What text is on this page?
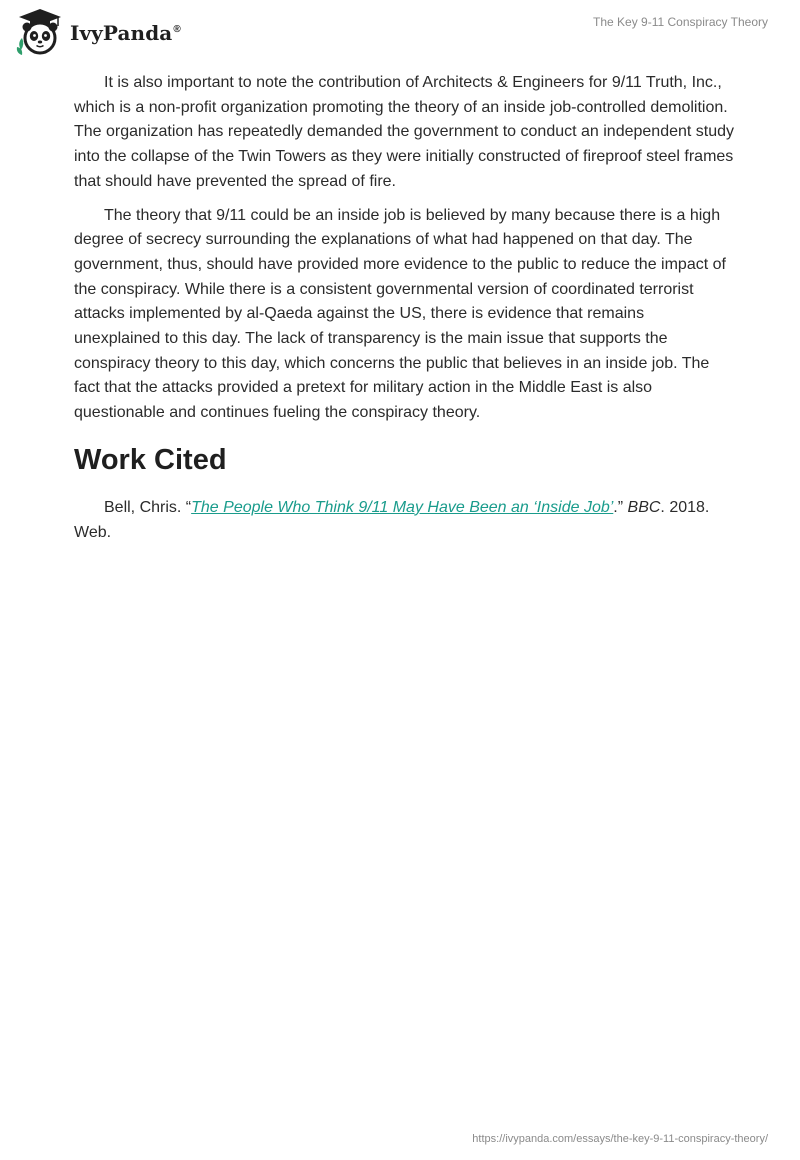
IvyPanda®
The Key 9-11 Conspiracy Theory

It is also important to note the contribution of Architects & Engineers for 9/11 Truth, Inc., which is a non-profit organization promoting the theory of an inside job-controlled demolition. The organization has repeatedly demanded the government to conduct an independent study into the collapse of the Twin Towers as they were initially constructed of fireproof steel frames that should have prevented the spread of fire.

The theory that 9/11 could be an inside job is believed by many because there is a high degree of secrecy surrounding the explanations of what had happened on that day. The government, thus, should have provided more evidence to the public to reduce the impact of the conspiracy. While there is a consistent governmental version of coordinated terrorist attacks implemented by al-Qaeda against the US, there is evidence that remains unexplained to this day. The lack of transparency is the main issue that supports the conspiracy theory to this day, which concerns the public that believes in an inside job. The fact that the attacks provided a pretext for military action in the Middle East is also questionable and continues fueling the conspiracy theory.

Work Cited

Bell, Chris. “The People Who Think 9/11 May Have Been an ‘Inside Job’.” BBC. 2018. Web.

https://ivypanda.com/essays/the-key-9-11-conspiracy-theory/
